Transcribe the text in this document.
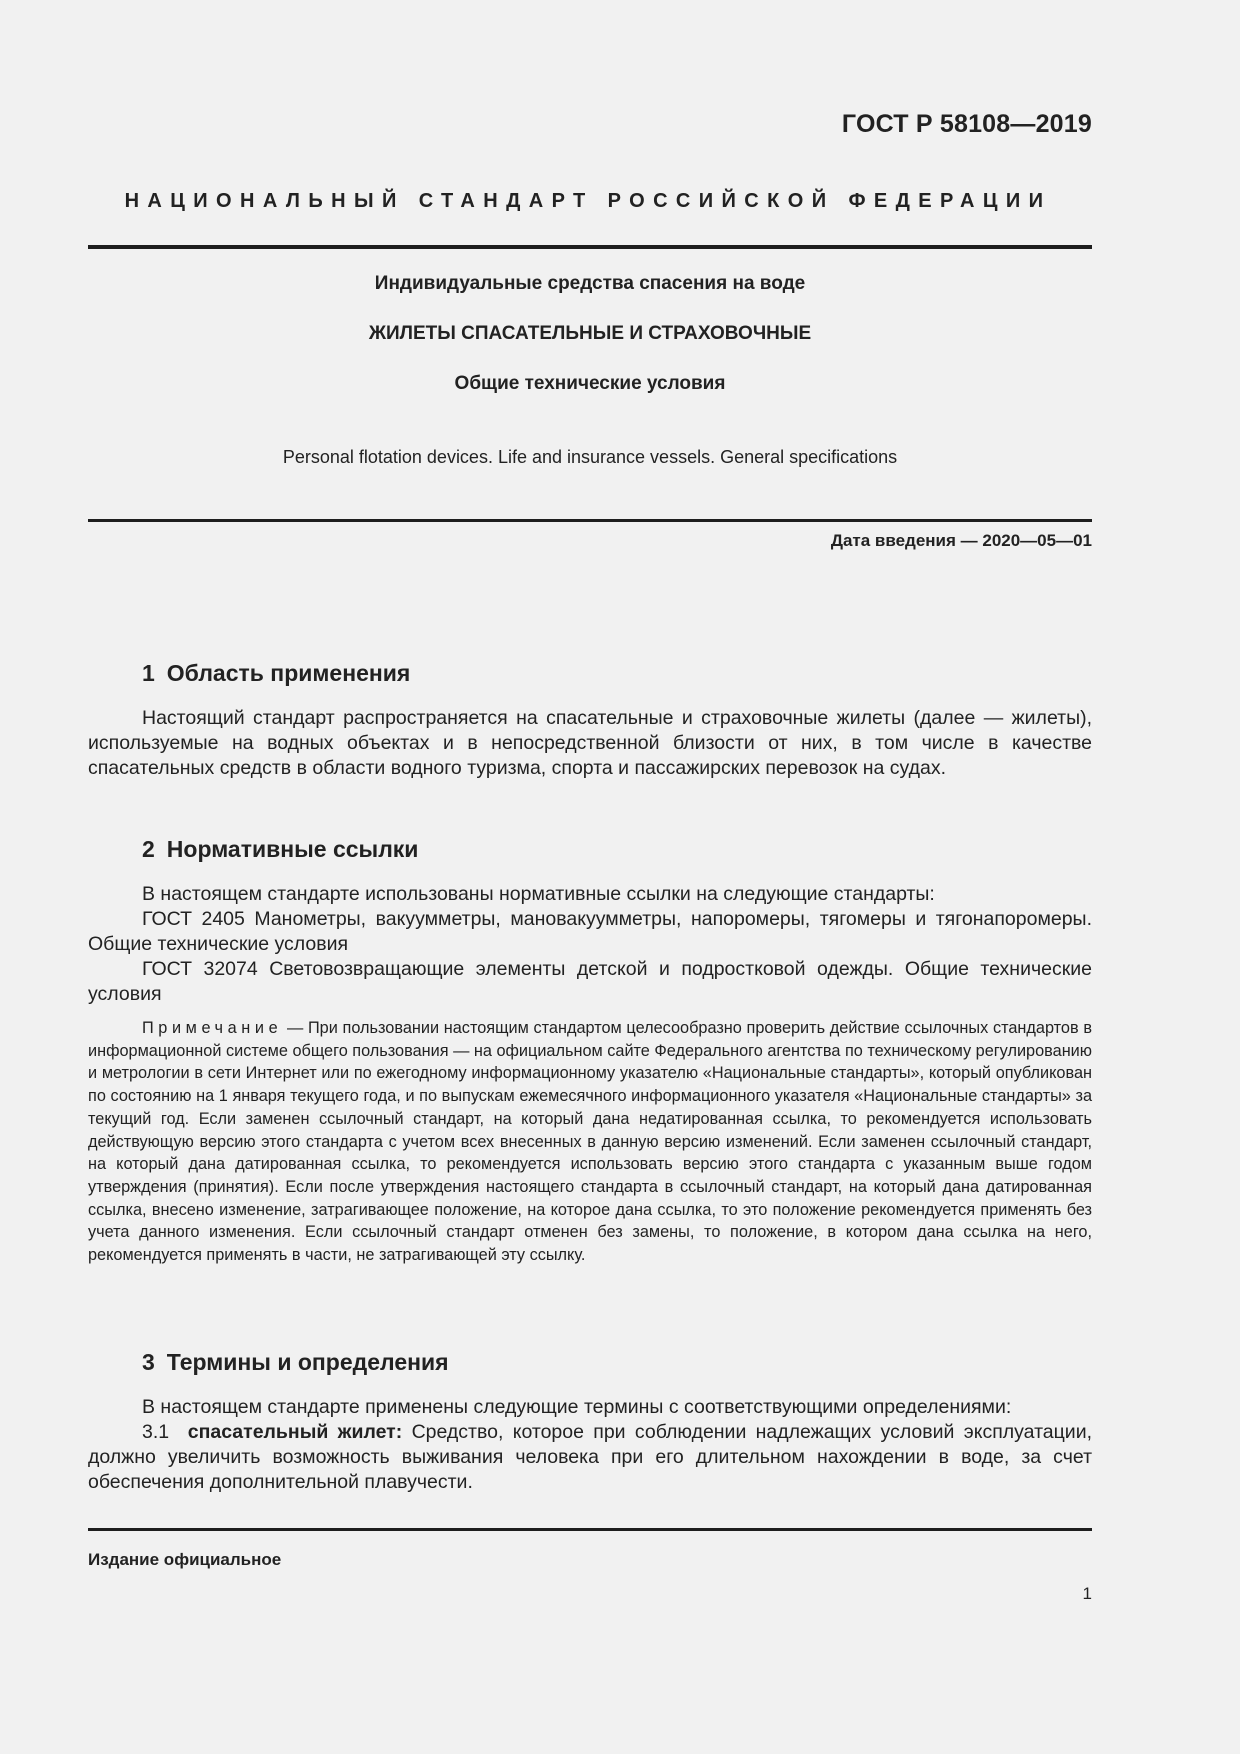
ГОСТ Р 58108—2019
НАЦИОНАЛЬНЫЙ СТАНДАРТ РОССИЙСКОЙ ФЕДЕРАЦИИ
Индивидуальные средства спасения на воде
ЖИЛЕТЫ СПАСАТЕЛЬНЫЕ И СТРАХОВОЧНЫЕ
Общие технические условия
Personal flotation devices. Life and insurance vessels. General specifications
Дата введения — 2020—05—01
1 Область применения
Настоящий стандарт распространяется на спасательные и страховочные жилеты (далее — жилеты), используемые на водных объектах и в непосредственной близости от них, в том числе в качестве спасательных средств в области водного туризма, спорта и пассажирских перевозок на судах.
2 Нормативные ссылки
В настоящем стандарте использованы нормативные ссылки на следующие стандарты:
ГОСТ 2405 Манометры, вакуумметры, мановакуумметры, напоромеры, тягомеры и тягонапоромеры. Общие технические условия
ГОСТ 32074 Световозвращающие элементы детской и подростковой одежды. Общие технические условия
Примечание — При пользовании настоящим стандартом целесообразно проверить действие ссылочных стандартов в информационной системе общего пользования — на официальном сайте Федерального агентства по техническому регулированию и метрологии в сети Интернет или по ежегодному информационному указателю «Национальные стандарты», который опубликован по состоянию на 1 января текущего года, и по выпускам ежемесячного информационного указателя «Национальные стандарты» за текущий год. Если заменен ссылочный стандарт, на который дана недатированная ссылка, то рекомендуется использовать действующую версию этого стандарта с учетом всех внесенных в данную версию изменений. Если заменен ссылочный стандарт, на который дана датированная ссылка, то рекомендуется использовать версию этого стандарта с указанным выше годом утверждения (принятия). Если после утверждения настоящего стандарта в ссылочный стандарт, на который дана датированная ссылка, внесено изменение, затрагивающее положение, на которое дана ссылка, то это положение рекомендуется применять без учета данного изменения. Если ссылочный стандарт отменен без замены, то положение, в котором дана ссылка на него, рекомендуется применять в части, не затрагивающей эту ссылку.
3 Термины и определения
В настоящем стандарте применены следующие термины с соответствующими определениями:
3.1 спасательный жилет: Средство, которое при соблюдении надлежащих условий эксплуатации, должно увеличить возможность выживания человека при его длительном нахождении в воде, за счет обеспечения дополнительной плавучести.
Издание официальное
1
